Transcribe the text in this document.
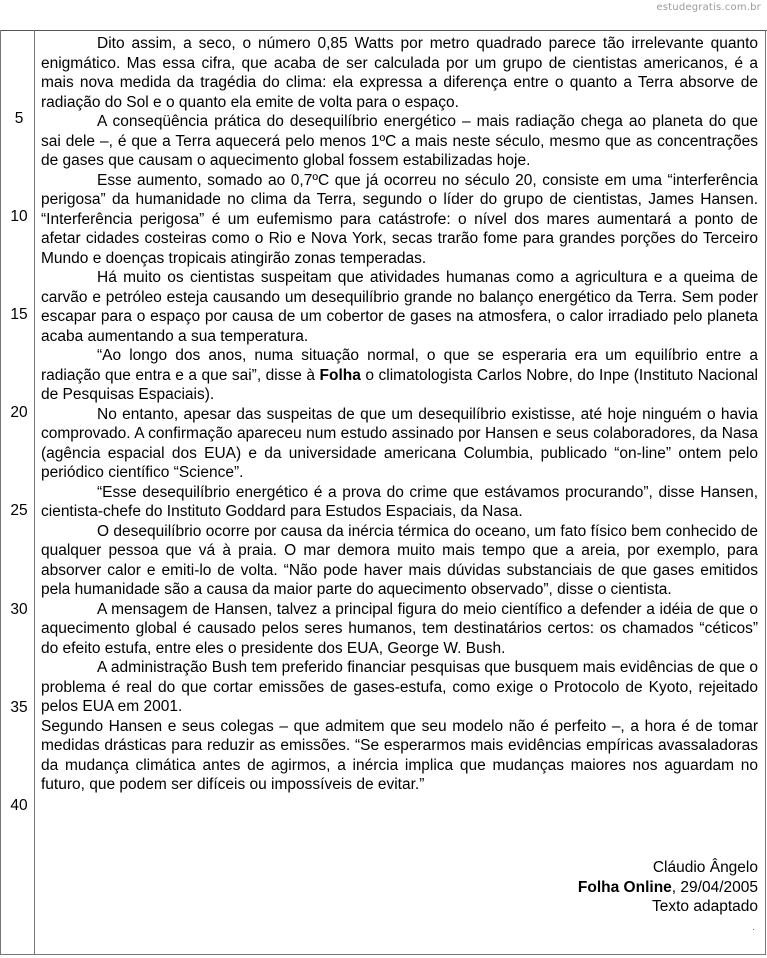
estudegratis.com.br
5
10
15
20
25
30
35
40

Dito assim, a seco, o número 0,85 Watts por metro quadrado parece tão irrelevante quanto enigmático. Mas essa cifra, que acaba de ser calculada por um grupo de cientistas americanos, é a mais nova medida da tragédia do clima: ela expressa a diferença entre o quanto a Terra absorve de radiação do Sol e o quanto ela emite de volta para o espaço.

A conseqüência prática do desequilíbrio energético – mais radiação chega ao planeta do que sai dele –, é que a Terra aquecerá pelo menos 1ºC a mais neste século, mesmo que as concentrações de gases que causam o aquecimento global fossem estabilizadas hoje.

Esse aumento, somado ao 0,7ºC que já ocorreu no século 20, consiste em uma “interferência perigosa” da humanidade no clima da Terra, segundo o líder do grupo de cientistas, James Hansen. “Interferência perigosa” é um eufemismo para catástrofe: o nível dos mares aumentará a ponto de afetar cidades costeiras como o Rio e Nova York, secas trarão fome para grandes porções do Terceiro Mundo e doenças tropicais atingirão zonas temperadas.

Há muito os cientistas suspeitam que atividades humanas como a agricultura e a queima de carvão e petróleo esteja causando um desequilíbrio grande no balanço energético da Terra. Sem poder escapar para o espaço por causa de um cobertor de gases na atmosfera, o calor irradiado pelo planeta acaba aumentando a sua temperatura.

“Ao longo dos anos, numa situação normal, o que se esperaria era um equilíbrio entre a radiação que entra e a que sai”, disse à Folha o climatologista Carlos Nobre, do Inpe (Instituto Nacional de Pesquisas Espaciais).

No entanto, apesar das suspeitas de que um desequilíbrio existisse, até hoje ninguém o havia comprovado. A confirmação apareceu num estudo assinado por Hansen e seus colaboradores, da Nasa (agência espacial dos EUA) e da universidade americana Columbia, publicado “on-line” ontem pelo periódico científico “Science”.

“Esse desequilíbrio energético é a prova do crime que estávamos procurando”, disse Hansen, cientista-chefe do Instituto Goddard para Estudos Espaciais, da Nasa.

O desequilíbrio ocorre por causa da inércia térmica do oceano, um fato físico bem conhecido de qualquer pessoa que vá à praia. O mar demora muito mais tempo que a areia, por exemplo, para absorver calor e emiti-lo de volta. “Não pode haver mais dúvidas substanciais de que gases emitidos pela humanidade são a causa da maior parte do aquecimento observado”, disse o cientista.

A mensagem de Hansen, talvez a principal figura do meio científico a defender a idéia de que o aquecimento global é causado pelos seres humanos, tem destinatários certos: os chamados “céticos” do efeito estufa, entre eles o presidente dos EUA, George W. Bush.

A administração Bush tem preferido financiar pesquisas que busquem mais evidências de que o problema é real do que cortar emissões de gases-estufa, como exige o Protocolo de Kyoto, rejeitado pelos EUA em 2001.

Segundo Hansen e seus colegas – que admitem que seu modelo não é perfeito –, a hora é de tomar medidas drásticas para reduzir as emissões. “Se esperarmos mais evidências empíricas avassaladoras da mudança climática antes de agirmos, a inércia implica que mudanças maiores nos aguardam no futuro, que podem ser difíceis ou impossíveis de evitar.”

Cláudio Ângelo
Folha Online, 29/04/2005
Texto adaptado
.
